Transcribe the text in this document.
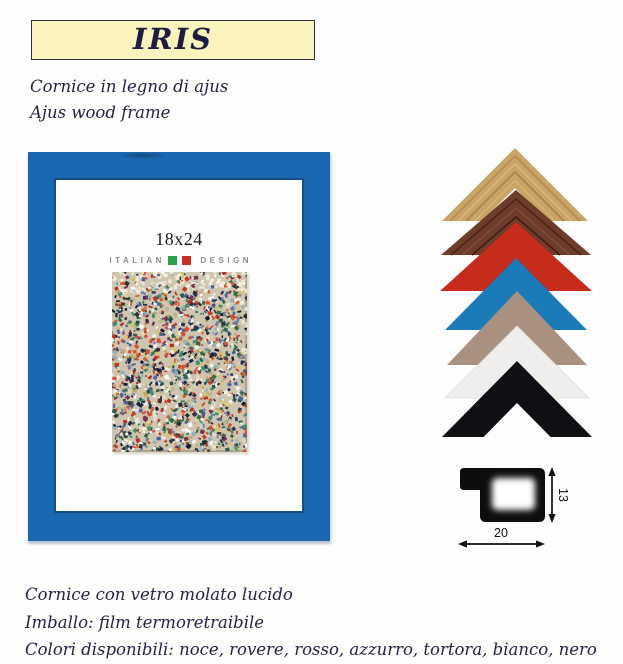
IRIS
Cornice in legno di ajus
Ajus wood frame
18x24
ITALIAN	DESIGN
13
20
Cornice con vetro molato lucido
Imballo: film termoretraibile
Colori disponibili: noce, rovere, rosso, azzurro, tortora, bianco, nero
